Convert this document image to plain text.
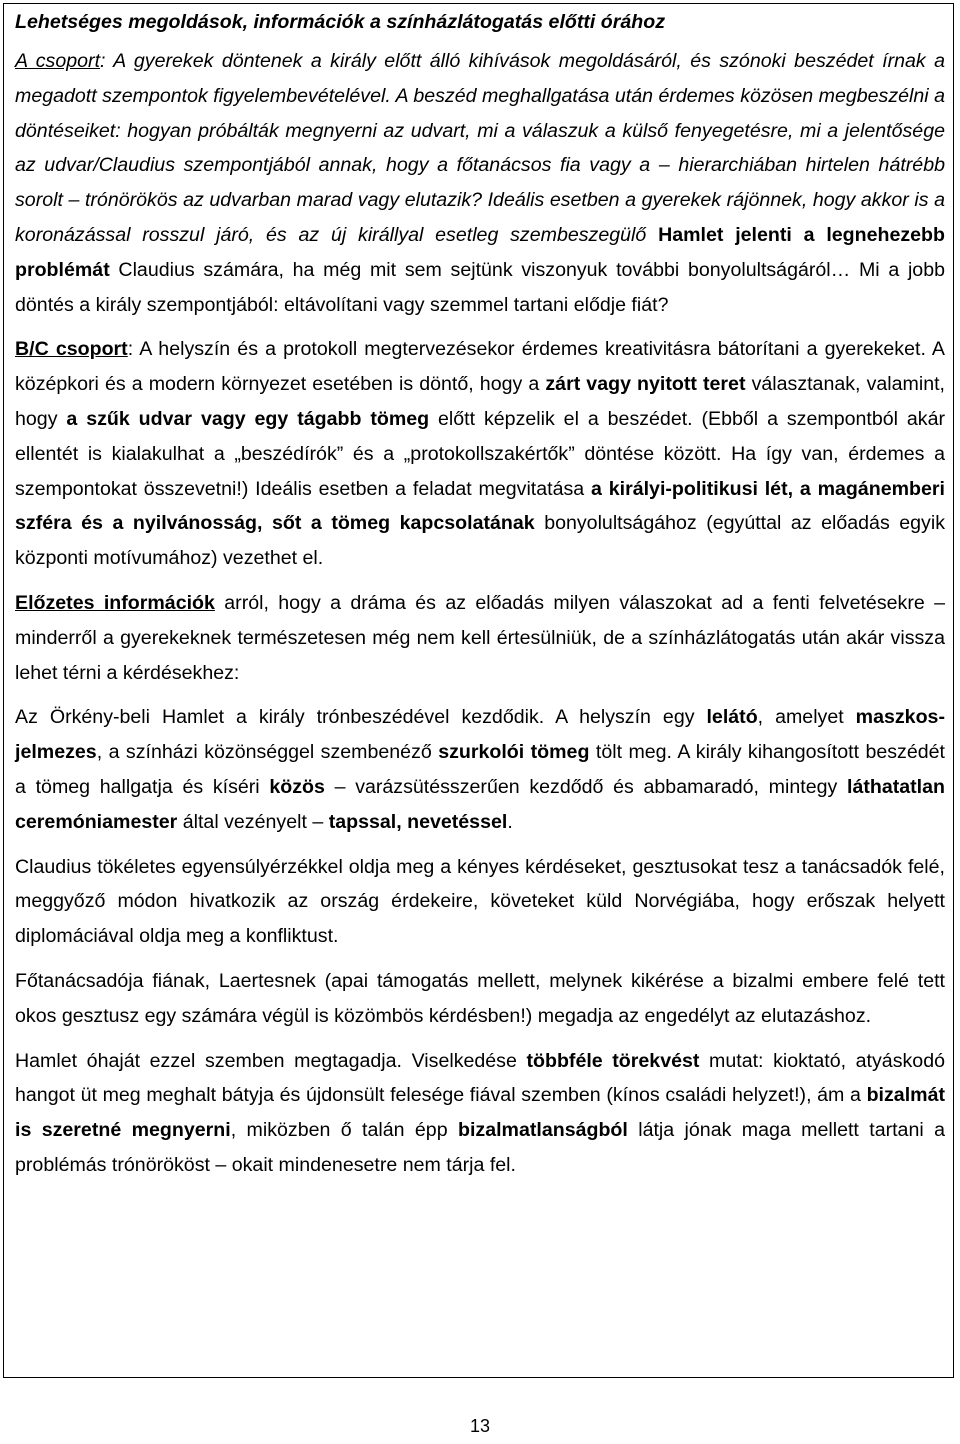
Lehetséges megoldások, információk a színházlátogatás előtti órához

A csoport: A gyerekek döntenek a király előtt álló kihívások megoldásáról, és szónoki beszédet írnak a megadott szempontok figyelembevételével. A beszéd meghallgatása után érdemes közösen megbeszélni a döntéseiket: hogyan próbálták megnyerni az udvart, mi a válaszuk a külső fenyegetésre, mi a jelentősége az udvar/Claudius szempontjából annak, hogy a főtanácsos fia vagy a – hierarchiában hirtelen hátrébb sorolt – trónörökös az udvarban marad vagy elutazik? Ideális esetben a gyerekek rájönnek, hogy akkor is a koronázással rosszul járó, és az új királlyal esetleg szembeszegülő Hamlet jelenti a legnehezebb problémát Claudius számára, ha még mit sem sejtünk viszonyuk további bonyolultságáról… Mi a jobb döntés a király szempontjából: eltávolítani vagy szemmel tartani elődje fiát?

B/C csoport: A helyszín és a protokoll megtervezésekor érdemes kreativitásra bátorítani a gyerekeket. A középkori és a modern környezet esetében is döntő, hogy a zárt vagy nyitott teret választanak, valamint, hogy a szűk udvar vagy egy tágabb tömeg előtt képzelik el a beszédet. (Ebből a szempontból akár ellentét is kialakulhat a „beszédírók” és a „protokollszakértők” döntése között. Ha így van, érdemes a szempontokat összevetni!) Ideális esetben a feladat megvitatása a királyi-politikusi lét, a magánemberi szféra és a nyilvánosság, sőt a tömeg kapcsolatának bonyolultságához (egyúttal az előadás egyik központi motívumához) vezethet el.

Előzetes információk arról, hogy a dráma és az előadás milyen válaszokat ad a fenti felvetésekre – minderről a gyerekeknek természetesen még nem kell értesülniük, de a színházlátogatás után akár vissza lehet térni a kérdésekhez:

Az Örkény-beli Hamlet a király trónbeszédével kezdődik. A helyszín egy lelátó, amelyet maszkos-jelmezes, a színházi közönséggel szembenéző szurkolói tömeg tölt meg. A király kihangosított beszédét a tömeg hallgatja és kíséri közös – varázsütésszerűen kezdődő és abbamaradó, mintegy láthatatlan ceremóniamester által vezényelt – tapssal, nevetéssel.

Claudius tökéletes egyensúlyérzékkel oldja meg a kényes kérdéseket, gesztusokat tesz a tanácsadók felé, meggyőző módon hivatkozik az ország érdekeire, követeket küld Norvégiába, hogy erőszak helyett diplomáciával oldja meg a konfliktust.

Főtanácsadója fiának, Laertesnek (apai támogatás mellett, melynek kikérése a bizalmi embere felé tett okos gesztusz egy számára végül is közömbös kérdésben!) megadja az engedélyt az elutazáshoz.

Hamlet óhaját ezzel szemben megtagadja. Viselkedése többféle törekvést mutat: kioktató, atyáskodó hangot üt meg meghalt bátyja és újdonsült felesége fiával szemben (kínos családi helyzet!), ám a bizalmát is szeretné megnyerni, miközben ő talán épp bizalmatlanságból látja jónak maga mellett tartani a problémás trónörököst – okait mindenesetre nem tárja fel.

13
